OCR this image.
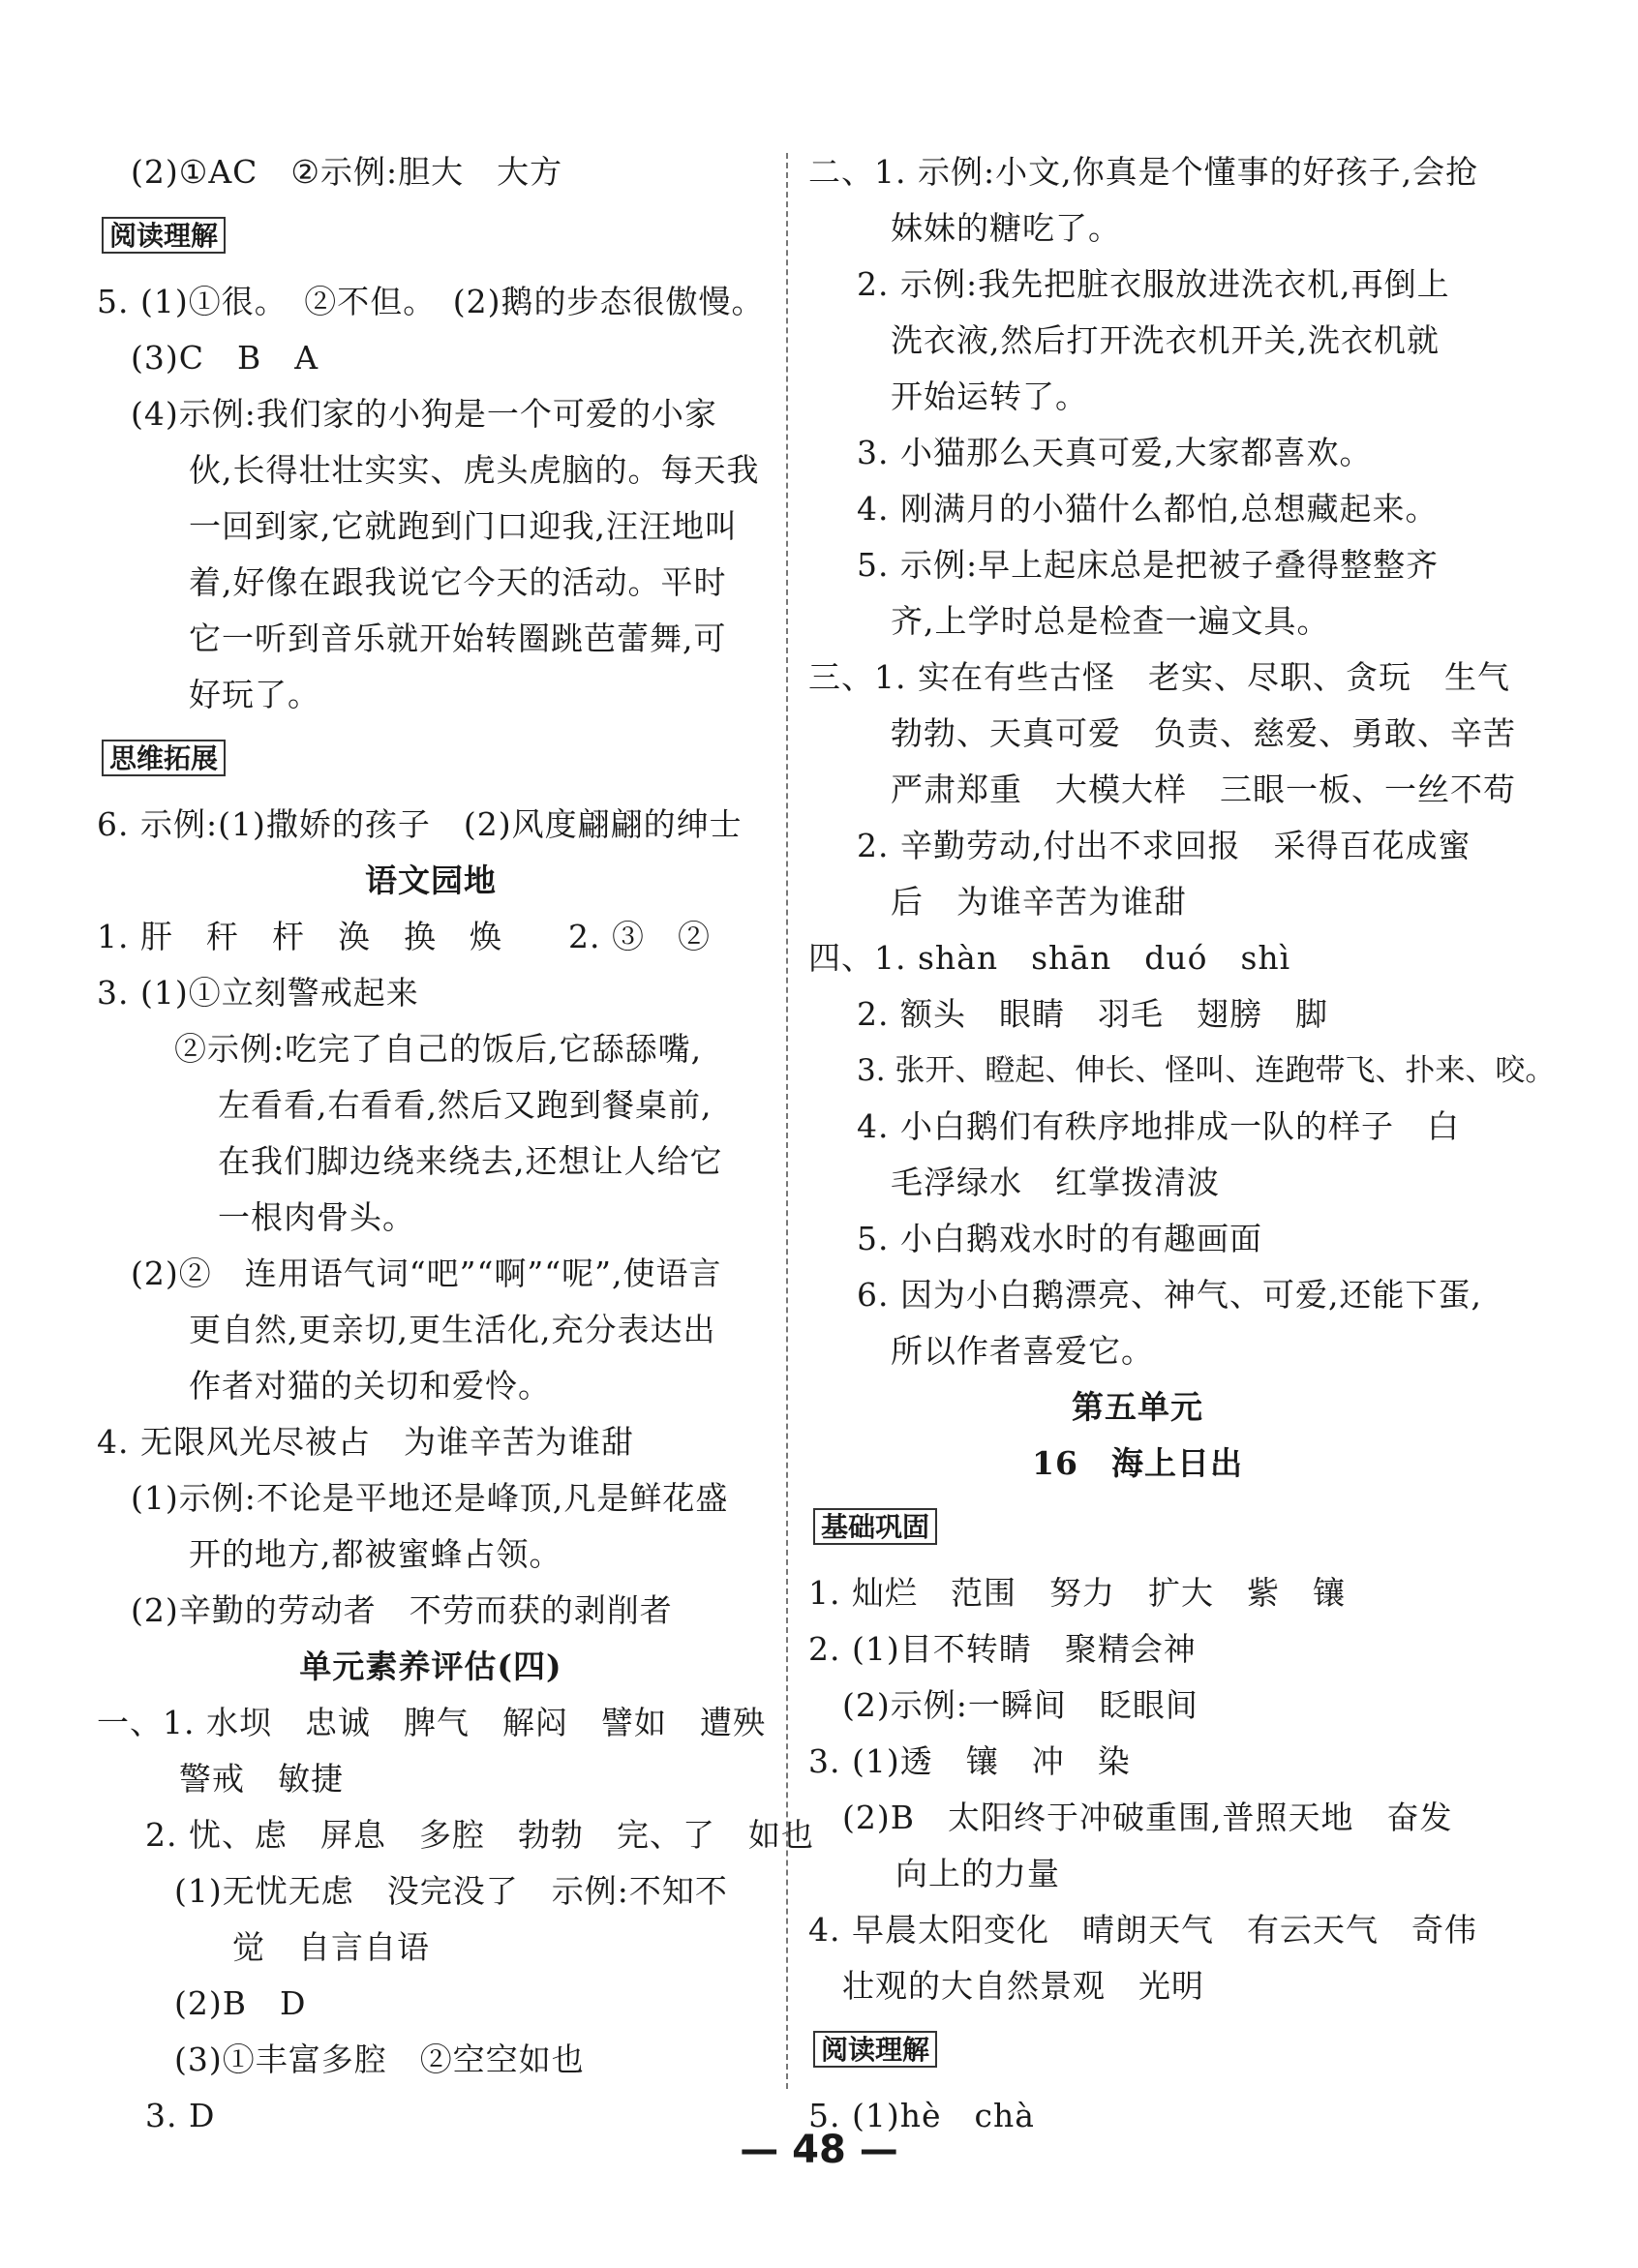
(2)①AC　②示例:胆大　大方
阅读理解
5. (1)①很。　②不但。　(2)鹅的步态很傲慢。
(3)C　B　A
(4)示例:我们家的小狗是一个可爱的小家
伙,长得壮壮实实、虎头虎脑的。每天我
一回到家,它就跑到门口迎我,汪汪地叫
着,好像在跟我说它今天的活动。平时
它一听到音乐就开始转圈跳芭蕾舞,可
好玩了。
思维拓展
6. 示例:(1)撒娇的孩子　(2)风度翩翩的绅士
语文园地
1. 肝　秆　杆　涣　换　焕　　2. ③　②
3. (1)①立刻警戒起来
②示例:吃完了自己的饭后,它舔舔嘴,
左看看,右看看,然后又跑到餐桌前,
在我们脚边绕来绕去,还想让人给它
一根肉骨头。
(2)②　连用语气词“吧”“啊”“呢”,使语言
更自然,更亲切,更生活化,充分表达出
作者对猫的关切和爱怜。
4. 无限风光尽被占　为谁辛苦为谁甜
(1)示例:不论是平地还是峰顶,凡是鲜花盛
开的地方,都被蜜蜂占领。
(2)辛勤的劳动者　不劳而获的剥削者
单元素养评估(四)
一、1. 水坝　忠诚　脾气　解闷　譬如　遭殃
警戒　敏捷
2. 忧、虑　屏息　多腔　勃勃　完、了　如也
(1)无忧无虑　没完没了　示例:不知不
觉　自言自语
(2)B　D
(3)①丰富多腔　②空空如也
3. D
二、1. 示例:小文,你真是个懂事的好孩子,会抢
妹妹的糖吃了。
2. 示例:我先把脏衣服放进洗衣机,再倒上
洗衣液,然后打开洗衣机开关,洗衣机就
开始运转了。
3. 小猫那么天真可爱,大家都喜欢。
4. 刚满月的小猫什么都怕,总想藏起来。
5. 示例:早上起床总是把被子叠得整整齐
齐,上学时总是检查一遍文具。
三、1. 实在有些古怪　老实、尽职、贪玩　生气
勃勃、天真可爱　负责、慈爱、勇敢、辛苦
严肃郑重　大模大样　三眼一板、一丝不苟
2. 辛勤劳动,付出不求回报　采得百花成蜜
后　为谁辛苦为谁甜
四、1. shàn　shān　duó　shì
2. 额头　眼睛　羽毛　翅膀　脚
3. 张开、瞪起、伸长、怪叫、连跑带飞、扑来、咬。
4. 小白鹅们有秩序地排成一队的样子　白
毛浮绿水　红掌拨清波
5. 小白鹅戏水时的有趣画面
6. 因为小白鹅漂亮、神气、可爱,还能下蛋,
所以作者喜爱它。
第五单元
16　海上日出
基础巩固
1. 灿烂　范围　努力　扩大　紫　镶
2. (1)目不转睛　聚精会神
(2)示例:一瞬间　眨眼间
3. (1)透　镶　冲　染
(2)B　太阳终于冲破重围,普照天地　奋发
向上的力量
4. 早晨太阳变化　晴朗天气　有云天气　奇伟
壮观的大自然景观　光明
阅读理解
5. (1)hè　chà
— 48 —
